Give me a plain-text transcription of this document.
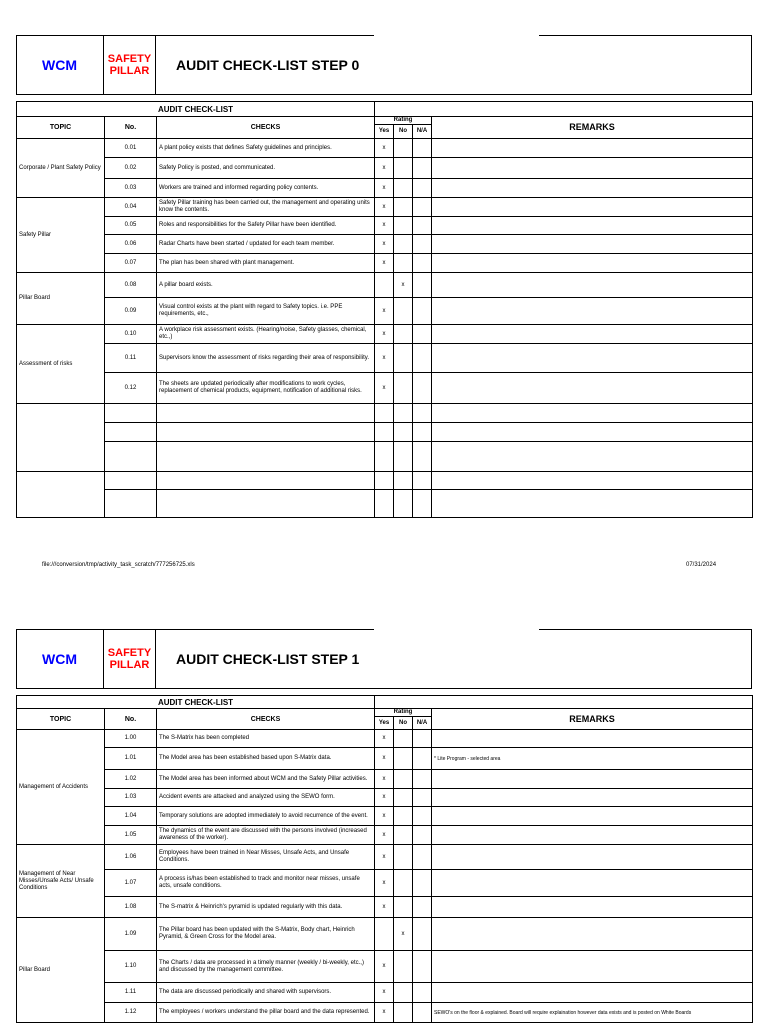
WCM	SAFETY
PILLAR AUDIT CHECK-LIST STEP 0
AUDIT CHECK-LIST						
TOPIC	No.	CHECKS	Rating			REMARKS
			Yes	No	N/A	
Corporate / Plant Safety Policy	0.01	A plant policy exists that defines Safety guidelines and principles.	x			
	0.02	Safety Policy is posted, and communicated.	x			
	0.03	Workers are trained and informed regarding policy contents.	x			
Safety Pillar	0.04	Safety Pillar training has been carried out, the management and operating units know the contents.	x			
	0.05	Roles and responsibilities for the Safety Pillar have been identified.	x			
	0.06	Radar Charts have been started / updated for each team member.	x			
	0.07	The plan has been shared with plant management.	x			
Pillar Board	0.08	A pillar board exists.		x		
	0.09	Visual control exists at the plant with regard to Safety topics. i.e. PPE requirements, etc.,	x			
Assessment of risks	0.10	A workplace risk assessment exists. (Hearing/noise, Safety glasses, chemical, etc.,)	x			
	0.11	Supervisors know the assessment of risks regarding their area of responsibility.	x			
	0.12	The sheets are updated periodically after modifications to work cycles, replacement of chemical products, equipment, notification of additional risks.	x			

file:///conversion/tmp/activity_task_scratch/777256725.xls	07/31/2024
WCM	SAFETY
PILLAR AUDIT CHECK-LIST STEP 1
AUDIT CHECK-LIST						
TOPIC	No.	CHECKS	Rating			REMARKS
			Yes	No	N/A	
Management of Accidents	1.00	The S-Matrix has been completed	x			
	1.01	The Model area has been established based upon S-Matrix data.	x			* Lite Program - selected area
	1.02	The Model area has been informed about WCM and the Safety Pillar activities.	x			
	1.03	Accident events are attacked and analyzed using the SEWO form.	x			
	1.04	Temporary solutions are adopted immediately to avoid recurrence of the event.	x			
	1.05	The dynamics of the event are discussed with the persons involved (increased awareness of the worker).	x			
Management of Near Misses/Unsafe Acts/ Unsafe Conditions	1.06	Employees have been trained in Near Misses, Unsafe Acts, and Unsafe Conditions.	x			
	1.07	A process is/has been established to track and monitor near misses, unsafe acts, unsafe conditions.	x			
	1.08	The S-matrix & Heinrich's pyramid is updated regularly with this data.	x			
Pillar Board	1.09	The Pillar board has been updated with the S-Matrix, Body chart, Heinrich Pyramid, & Green Cross for the Model area.		x		
	1.10	The Charts / data are processed in a timely manner (weekly / bi-weekly, etc.,) and discussed by the management committee.	x			
	1.11	The data are discussed periodically and shared with supervisors.	x			
	1.12	The employees / workers understand the pillar board and the data represented.	x			SEWO's on the floor & explained. Board will require explaination however data exists and is posted on White Boards
